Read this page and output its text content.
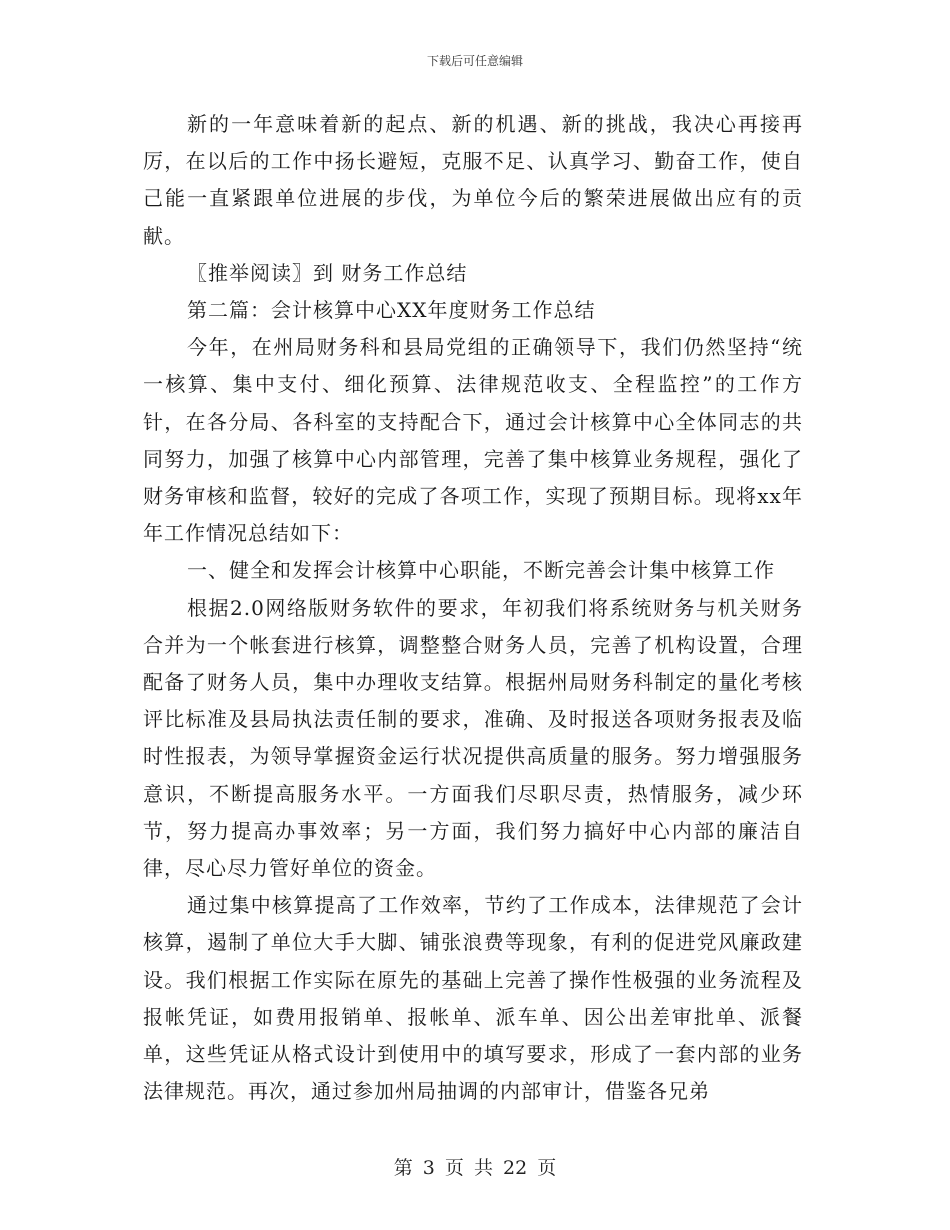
下载后可任意编辑

新的一年意味着新的起点、新的机遇、新的挑战，我决心再接再厉，在以后的工作中扬长避短，克服不足、认真学习、勤奋工作，使自己能一直紧跟单位进展的步伐，为单位今后的繁荣进展做出应有的贡献。

〖推举阅读〗到 财务工作总结

第二篇：会计核算中心XX年度财务工作总结

今年，在州局财务科和县局党组的正确领导下，我们仍然坚持“统一核算、集中支付、细化预算、法律规范收支、全程监控”的工作方针，在各分局、各科室的支持配合下，通过会计核算中心全体同志的共同努力，加强了核算中心内部管理，完善了集中核算业务规程，强化了财务审核和监督，较好的完成了各项工作，实现了预期目标。现将xx年年工作情况总结如下：

一、健全和发挥会计核算中心职能，不断完善会计集中核算工作

根据2.0网络版财务软件的要求，年初我们将系统财务与机关财务合并为一个帐套进行核算，调整整合财务人员，完善了机构设置，合理配备了财务人员，集中办理收支结算。根据州局财务科制定的量化考核评比标准及县局执法责任制的要求，准确、及时报送各项财务报表及临时性报表，为领导掌握资金运行状况提供高质量的服务。努力增强服务意识，不断提高服务水平。一方面我们尽职尽责，热情服务，减少环节，努力提高办事效率；另一方面，我们努力搞好中心内部的廉洁自律，尽心尽力管好单位的资金。

通过集中核算提高了工作效率，节约了工作成本，法律规范了会计核算，遏制了单位大手大脚、铺张浪费等现象，有利的促进党风廉政建设。我们根据工作实际在原先的基础上完善了操作性极强的业务流程及报帐凭证，如费用报销单、报帐单、派车单、因公出差审批单、派餐单，这些凭证从格式设计到使用中的填写要求，形成了一套内部的业务法律规范。再次，通过参加州局抽调的内部审计，借鉴各兄弟

第 3 页 共 22 页
